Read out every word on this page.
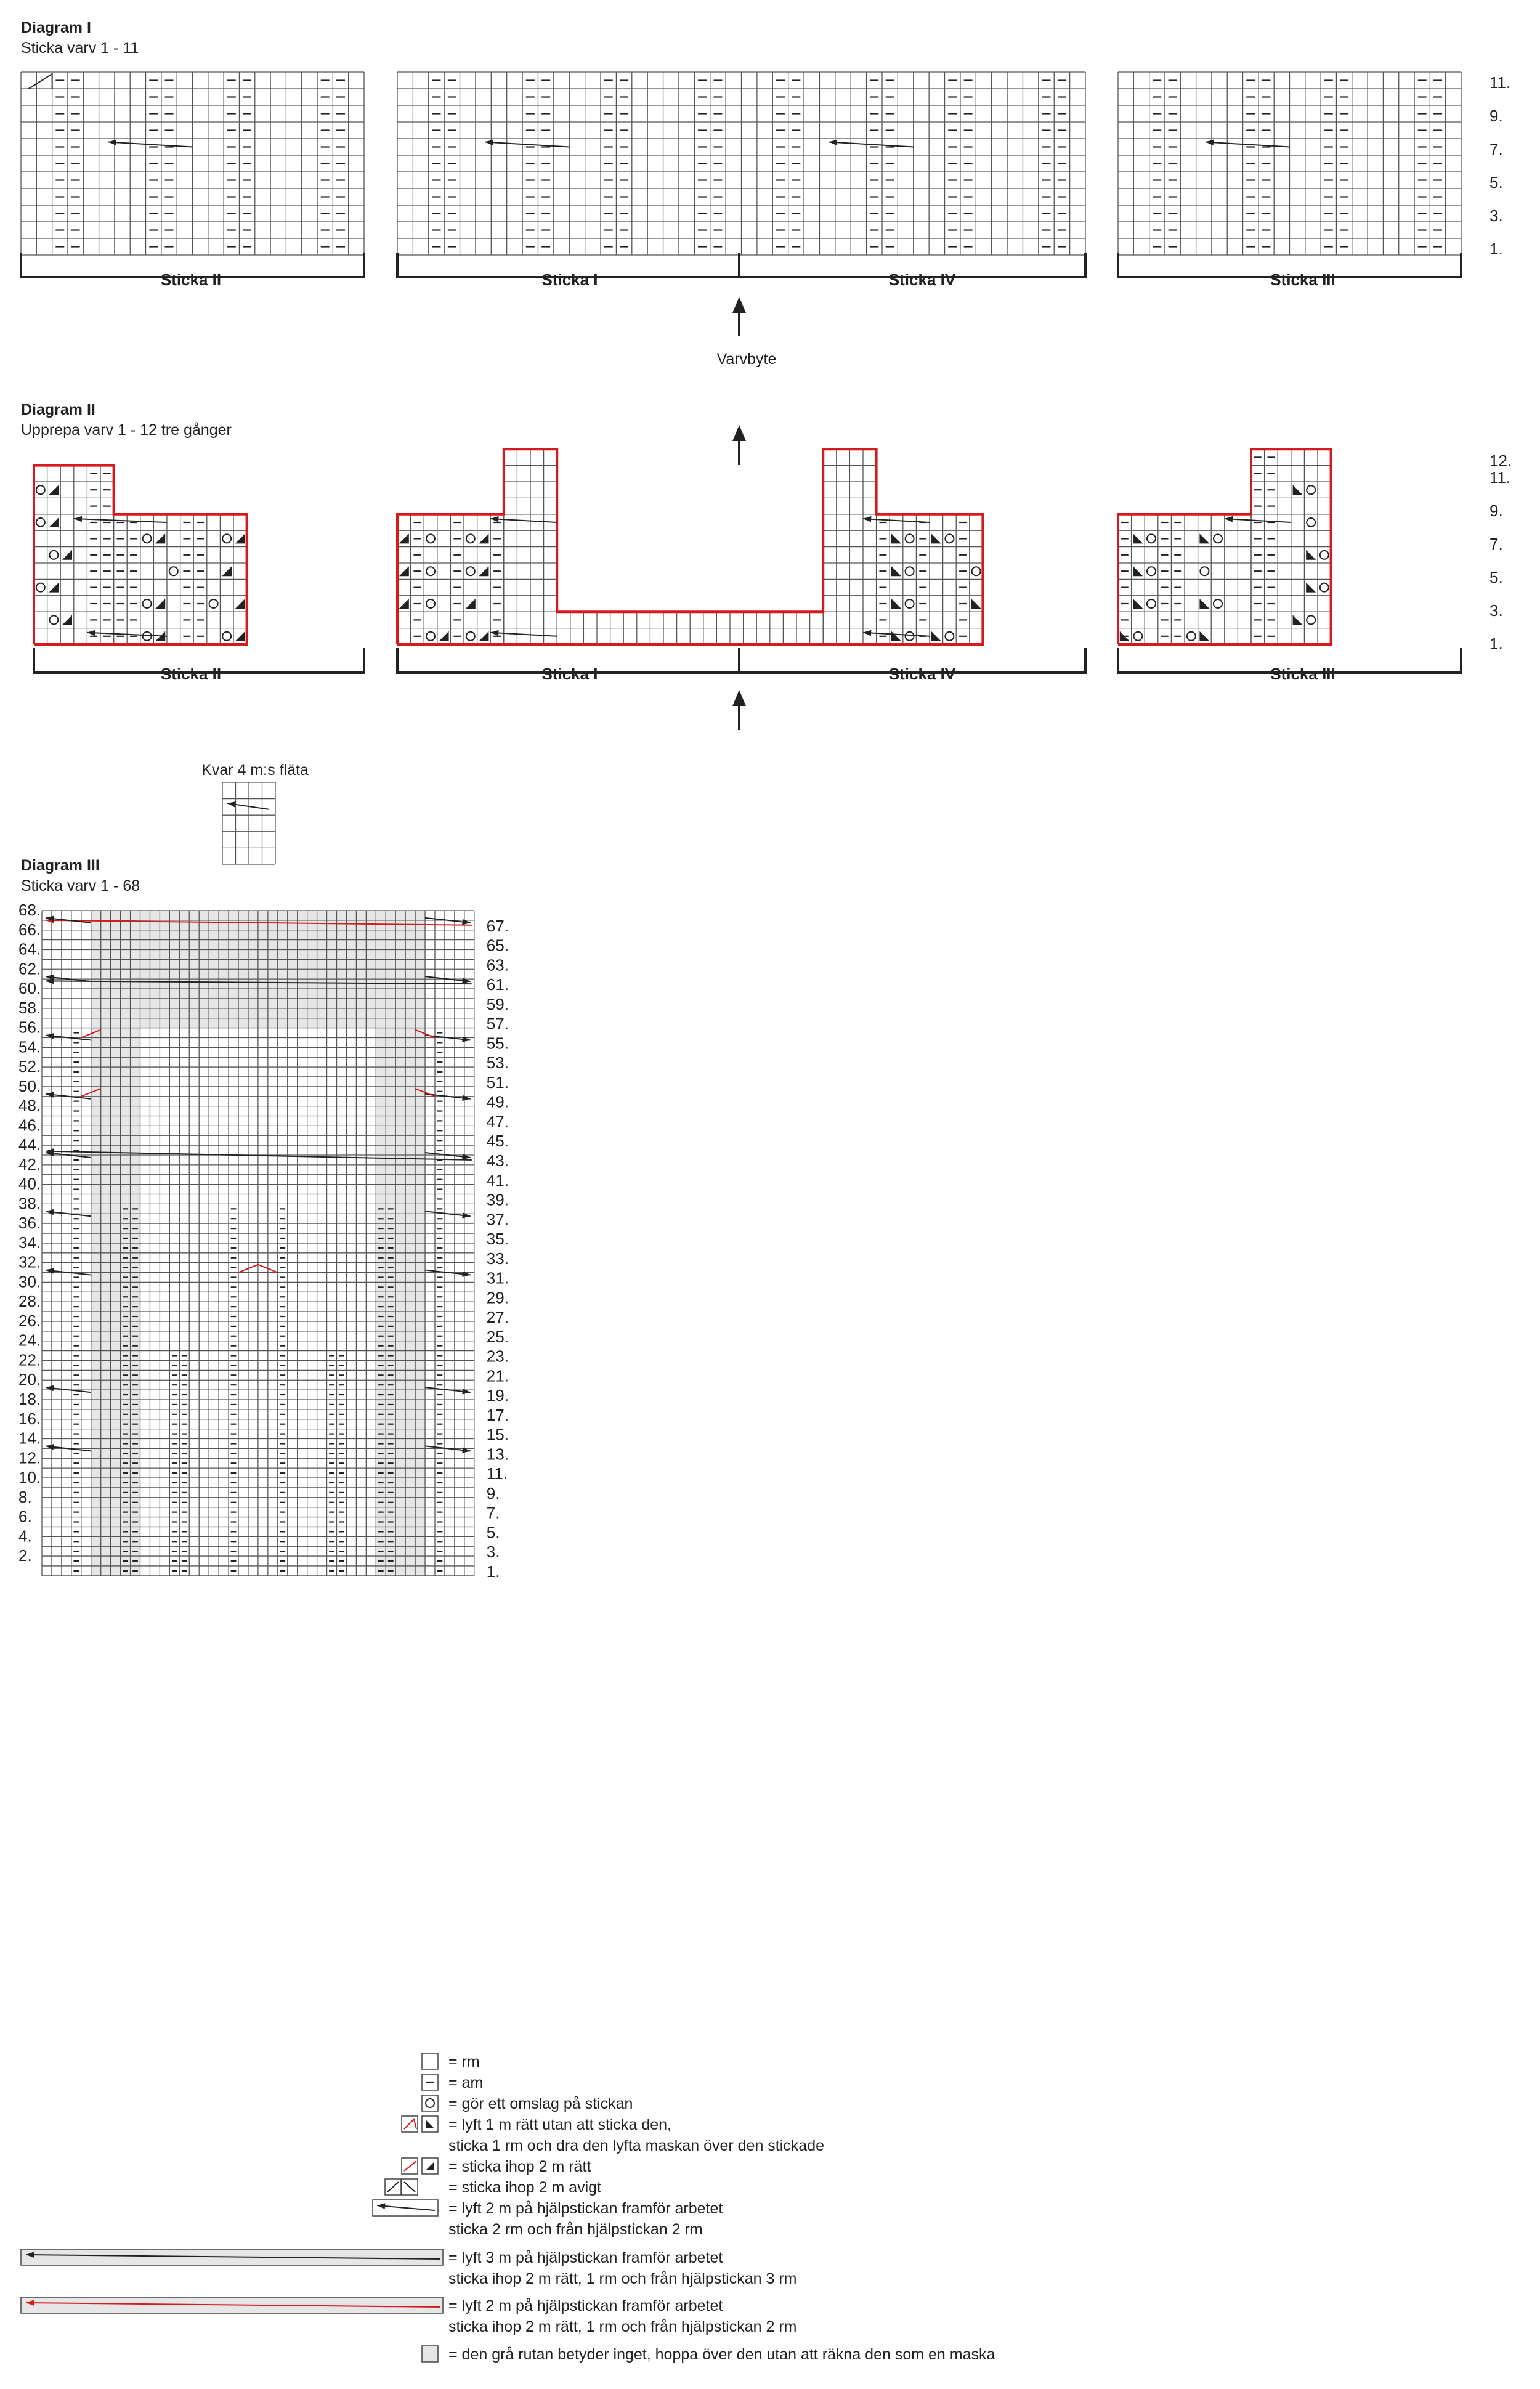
Diagram I
Sticka varv 1 - 11
Sticka II	Sticka I	Sticka IV	Sticka III
11.
9.
7.
5.
3.
1.
Varvbyte
Diagram II
Upprepa varv 1 - 12 tre gånger
Sticka II	Sticka I	Sticka IV	Sticka III
12.
11.
9.
7.
5.
3.
1.
Kvar 4 m:s fläta
Diagram III
Sticka varv 1 - 68
68.
66.
64.
62.
60.
58.
56.
54.
52.
50.
48.
46.
44.
42.
40.
38.
36.
34.
32.
30.
28.
26.
24.
22.
20.
18.
16.
14.
12.
10.
8.
6.
4.
2.
67.
65.
63.
61.
59.
57.
55.
53.
51.
49.
47.
45.
43.
41.
39.
37.
35.
33.
31.
29.
27.
25.
23.
21.
19.
17.
15.
13.
11.
9.
7.
5.
3.
1.
= rm
= am
= gör ett omslag på stickan
= lyft 1 m rätt utan att sticka den,
sticka 1 rm och dra den lyfta maskan över den stickade
= sticka ihop 2 m rätt
= sticka ihop 2 m avigt
= lyft 2 m på hjälpstickan framför arbetet
sticka 2 rm och från hjälpstickan 2 rm
= lyft 3 m på hjälpstickan framför arbetet
sticka ihop 2 m rätt, 1 rm och från hjälpstickan 3 rm
= lyft 2 m på hjälpstickan framför arbetet
sticka ihop 2 m rätt, 1 rm och från hjälpstickan 2 rm
= den grå rutan betyder inget, hoppa över den utan att räkna den som en maska
